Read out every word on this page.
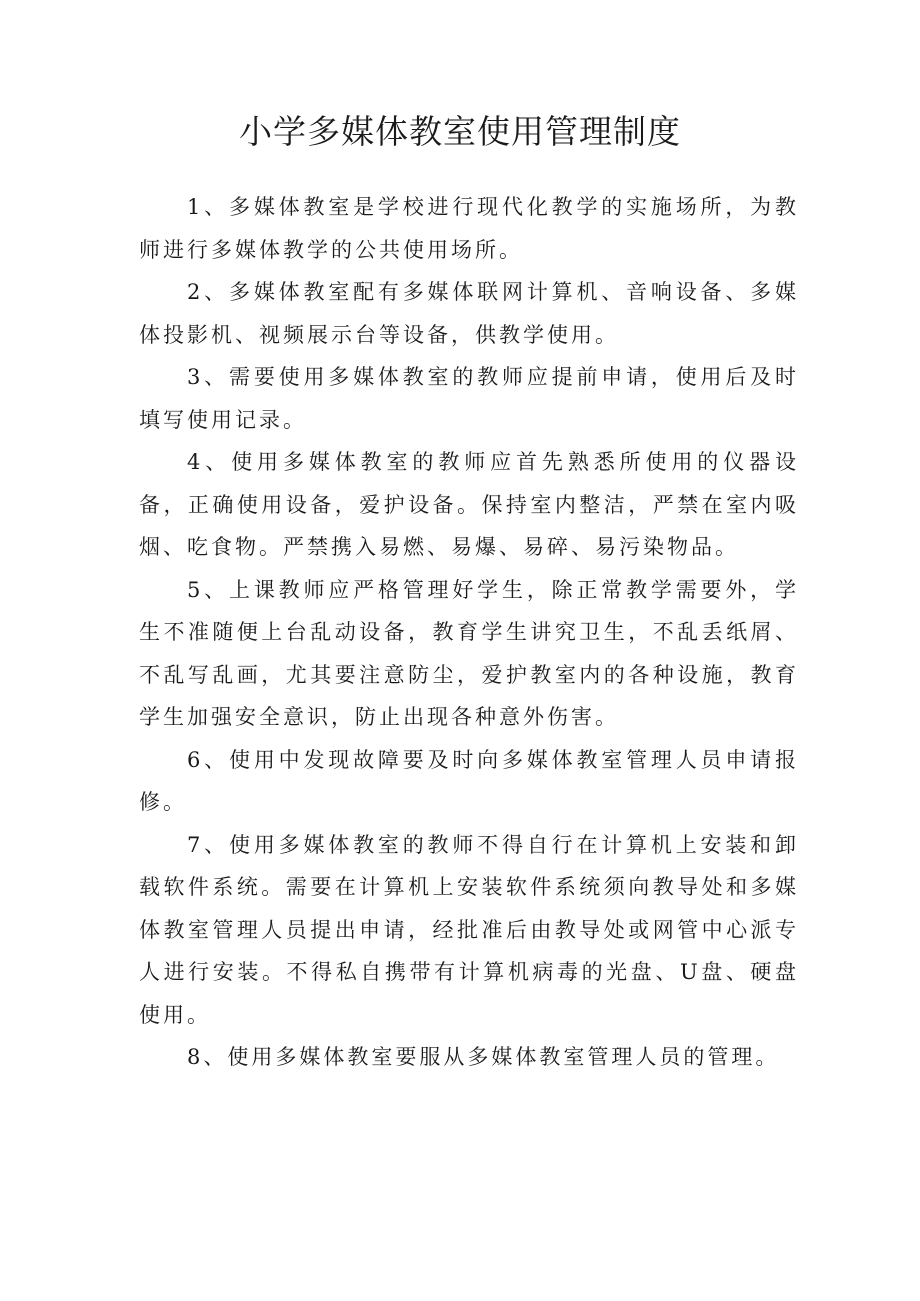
小学多媒体教室使用管理制度

1、多媒体教室是学校进行现代化教学的实施场所，为教师进行多媒体教学的公共使用场所。

2、多媒体教室配有多媒体联网计算机、音响设备、多媒体投影机、视频展示台等设备，供教学使用。

3、需要使用多媒体教室的教师应提前申请，使用后及时填写使用记录。

4、使用多媒体教室的教师应首先熟悉所使用的仪器设备，正确使用设备，爱护设备。保持室内整洁，严禁在室内吸烟、吃食物。严禁携入易燃、易爆、易碎、易污染物品。

5、上课教师应严格管理好学生，除正常教学需要外，学生不准随便上台乱动设备，教育学生讲究卫生，不乱丢纸屑、不乱写乱画，尤其要注意防尘，爱护教室内的各种设施，教育学生加强安全意识，防止出现各种意外伤害。

6、使用中发现故障要及时向多媒体教室管理人员申请报修。

7、使用多媒体教室的教师不得自行在计算机上安装和卸载软件系统。需要在计算机上安装软件系统须向教导处和多媒体教室管理人员提出申请，经批准后由教导处或网管中心派专人进行安装。不得私自携带有计算机病毒的光盘、U盘、硬盘使用。

8、使用多媒体教室要服从多媒体教室管理人员的管理。
